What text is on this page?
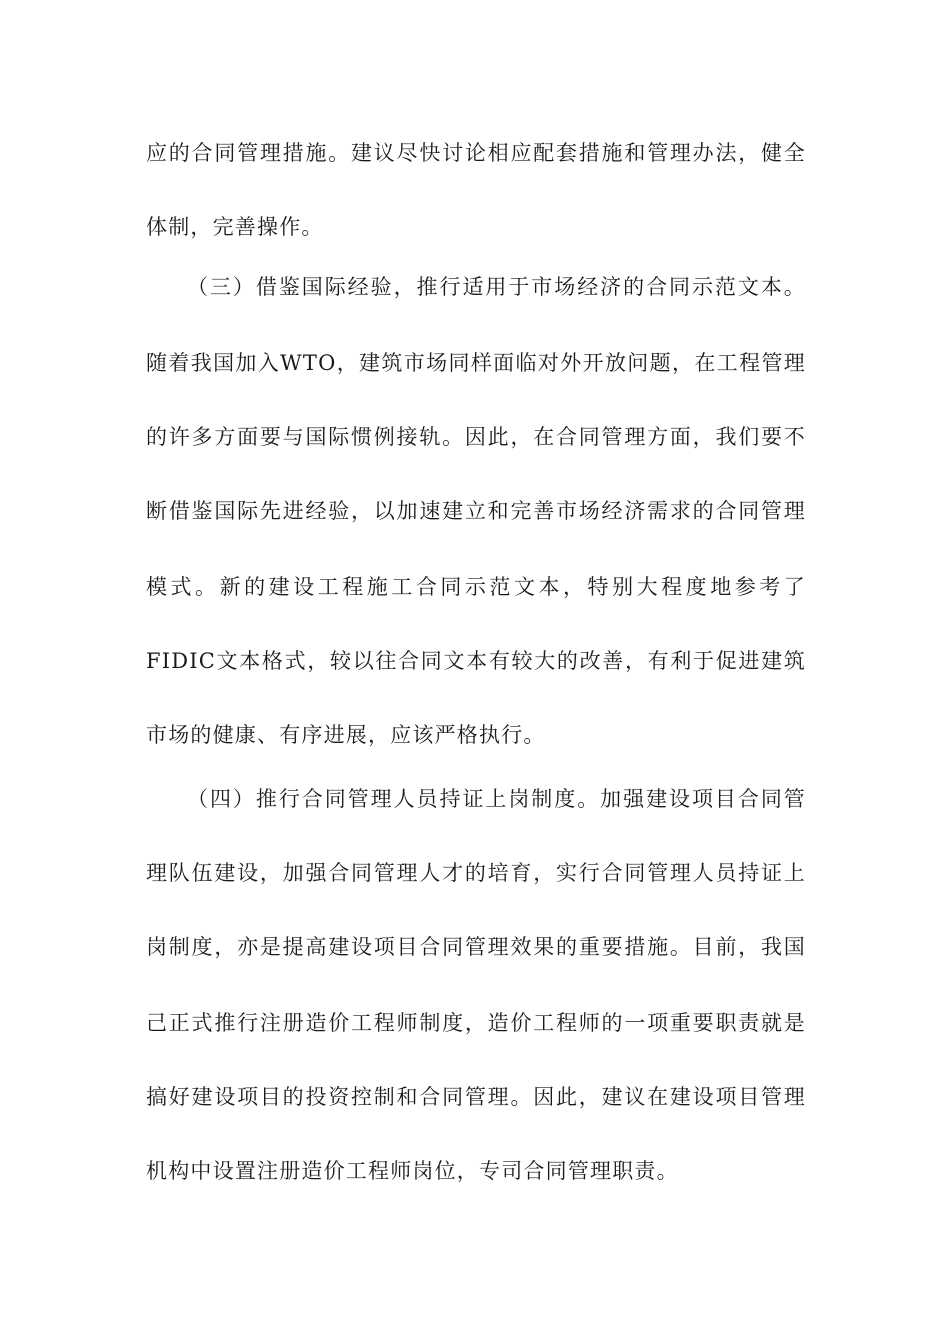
应的合同管理措施。建议尽快讨论相应配套措施和管理办法，健全
体制，完善操作。
（三）借鉴国际经验，推行适用于市场经济的合同示范文本。
随着我国加入WTO，建筑市场同样面临对外开放问题，在工程管理
的许多方面要与国际惯例接轨。因此，在合同管理方面，我们要不
断借鉴国际先进经验，以加速建立和完善市场经济需求的合同管理
模式。新的建设工程施工合同示范文本，特别大程度地参考了
FIDIC文本格式，较以往合同文本有较大的改善，有利于促进建筑
市场的健康、有序进展，应该严格执行。
（四）推行合同管理人员持证上岗制度。加强建设项目合同管
理队伍建设，加强合同管理人才的培育，实行合同管理人员持证上
岗制度，亦是提高建设项目合同管理效果的重要措施。目前，我国
己正式推行注册造价工程师制度，造价工程师的一项重要职责就是
搞好建设项目的投资控制和合同管理。因此，建议在建设项目管理
机构中设置注册造价工程师岗位，专司合同管理职责。
